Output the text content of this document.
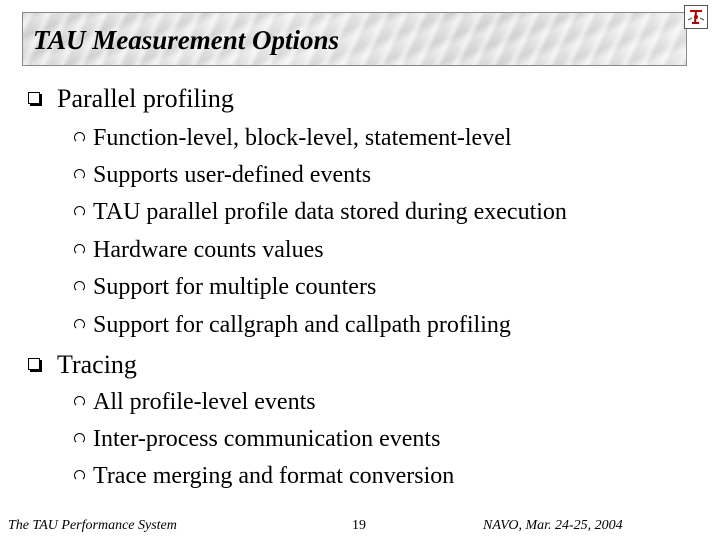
TAU Measurement Options
Parallel profiling
Function-level, block-level, statement-level
Supports user-defined events
TAU parallel profile data stored during execution
Hardware counts values
Support for multiple counters
Support for callgraph and callpath profiling
Tracing
All profile-level events
Inter-process communication events
Trace merging and format conversion
The TAU Performance System	19	NAVO, Mar. 24-25, 2004
